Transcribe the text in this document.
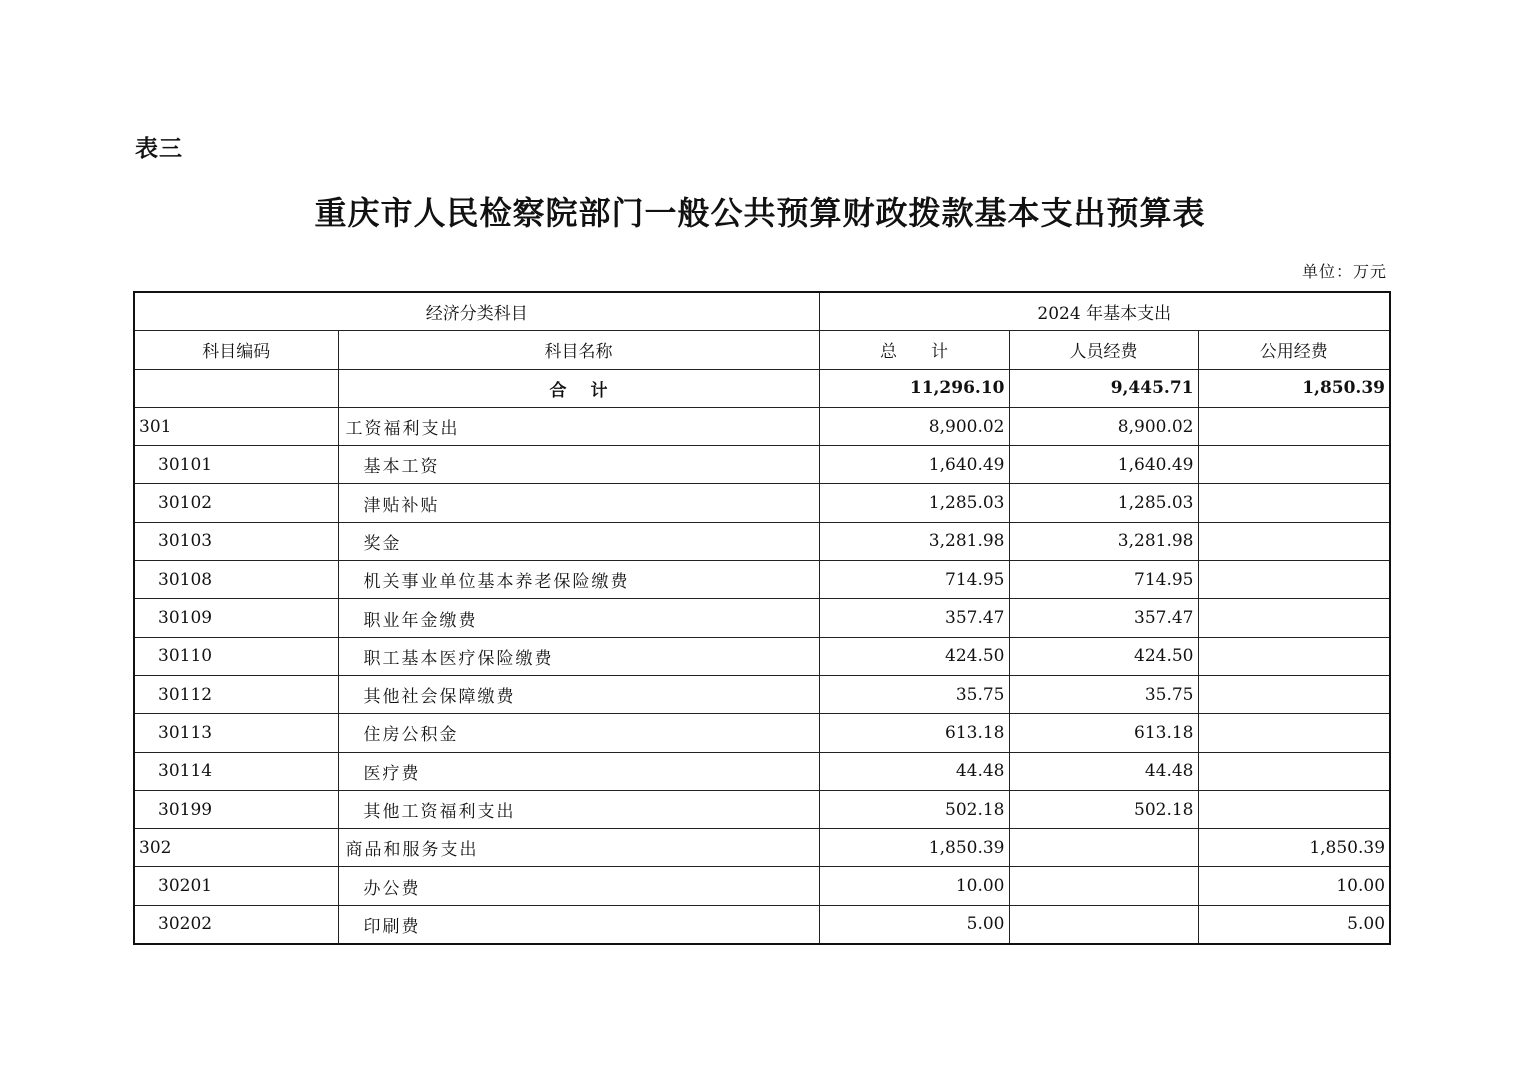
表三
重庆市人民检察院部门一般公共预算财政拨款基本支出预算表
单位：万元
经济分类科目		2024 年基本支出		
科目编码	科目名称	总　　计	人员经费	公用经费
	合计	11,296.10	9,445.71	1,850.39
301	工资福利支出	8,900.02	8,900.02	
30101	基本工资	1,640.49	1,640.49	
30102	津贴补贴	1,285.03	1,285.03	
30103	奖金	3,281.98	3,281.98	
30108	机关事业单位基本养老保险缴费	714.95	714.95	
30109	职业年金缴费	357.47	357.47	
30110	职工基本医疗保险缴费	424.50	424.50	
30112	其他社会保障缴费	35.75	35.75	
30113	住房公积金	613.18	613.18	
30114	医疗费	44.48	44.48	
30199	其他工资福利支出	502.18	502.18	
302	商品和服务支出	1,850.39		1,850.39
30201	办公费	10.00		10.00
30202	印刷费	5.00		5.00
